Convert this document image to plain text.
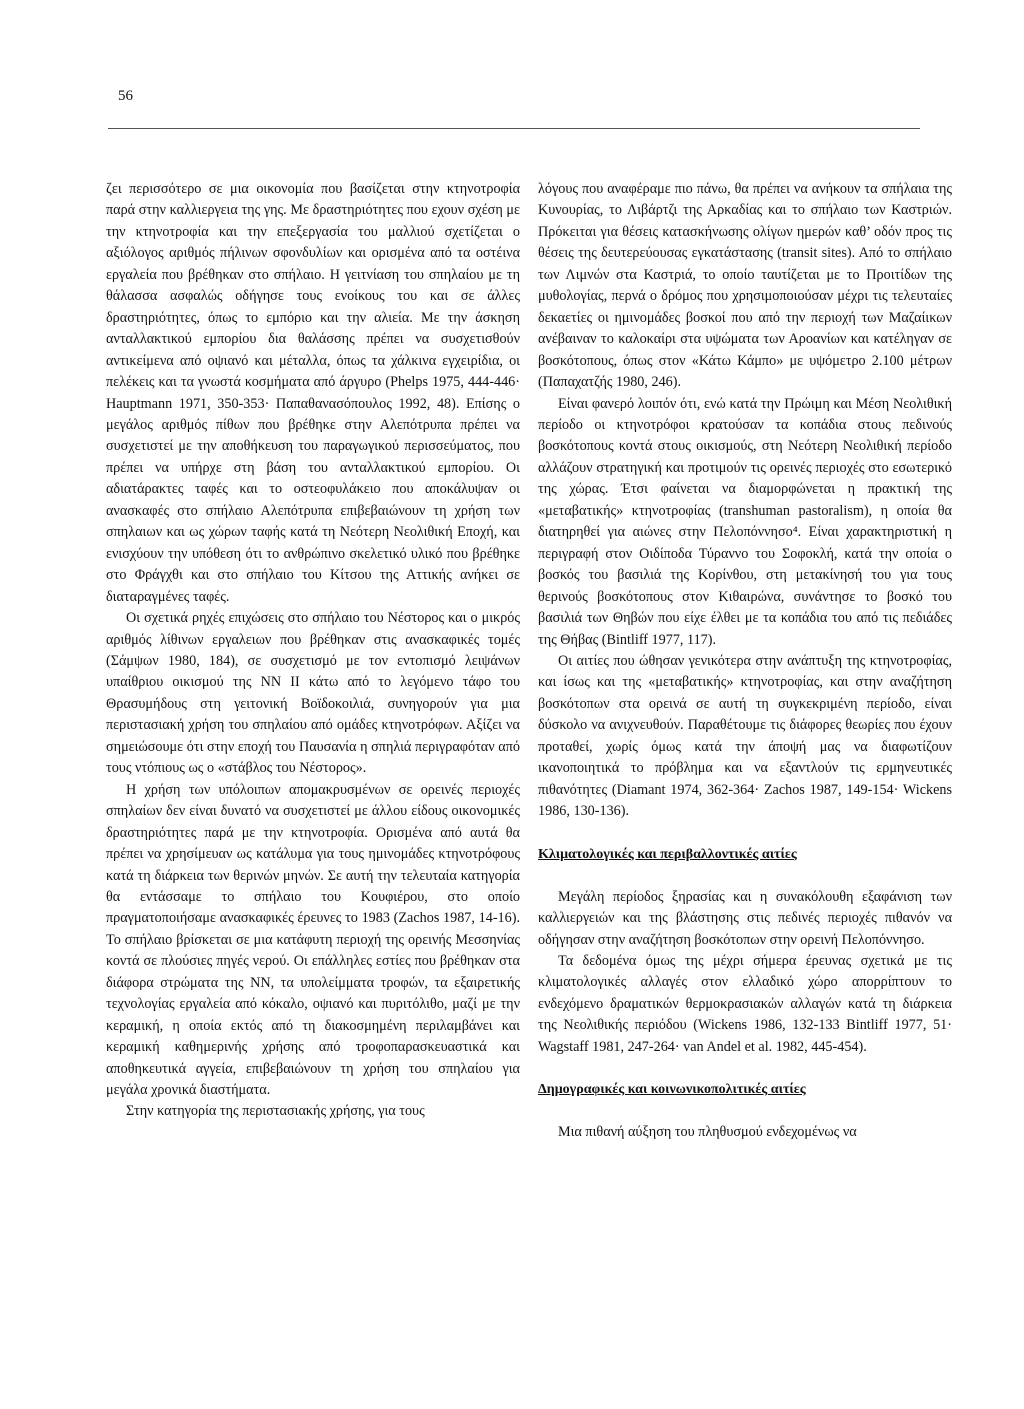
56

ζει περισσότερο σε μια οικονομία που βασίζεται στην κτηνοτροφία παρά στην καλλιεργεια της γης. Με δραστηριότητες που εχουν σχέση με την κτηνοτροφία και την επεξεργασία του μαλλιού σχετίζεται ο αξιόλογος αριθμός πήλινων σφονδυλίων και ορισμένα από τα οστέινα εργαλεία που βρέθηκαν στο σπήλαιο. Η γειτνίαση του σπηλαίου με τη θάλασσα ασφαλώς οδήγησε τους ενοίκους του και σε άλλες δραστηριότητες, όπως το εμπόριο και την αλιεία. Με την άσκηση ανταλλακτικού εμπορίου δια θαλάσσης πρέπει να συσχετισθούν αντικείμενα από οψιανό και μέταλλα, όπως τα χάλκινα εγχειρίδια, οι πελέκεις και τα γνωστά κοσμήματα από άργυρο (Phelps 1975, 444-446· Hauptmann 1971, 350-353· Παπαθανασόπουλος 1992, 48). Επίσης ο μεγάλος αριθμός πίθων που βρέθηκε στην Αλεπότρυπα πρέπει να συσχετιστεί με την αποθήκευση του παραγωγικού περισσεύματος, που πρέπει να υπήρχε στη βάση του ανταλλακτικού εμπορίου. Οι αδιατάρακτες ταφές και το οστεοφυλάκειο που αποκάλυψαν οι ανασκαφές στο σπήλαιο Αλεπότρυπα επιβεβαιώνουν τη χρήση των σπηλαιων και ως χώρων ταφής κατά τη Νεότερη Νεολιθική Εποχή, και ενισχύουν την υπόθεση ότι το ανθρώπινο σκελετικό υλικό που βρέθηκε στο Φράγχθι και στο σπήλαιο του Κίτσου της Αττικής ανήκει σε διαταραγμένες ταφές.

Οι σχετικά ρηχές επιχώσεις στο σπήλαιο του Νέστορος και ο μικρός αριθμός λίθινων εργαλειων που βρέθηκαν στις ανασκαφικές τομές (Σάμψων 1980, 184), σε συσχετισμό με τον εντοπισμό λειψάνων υπαίθριου οικισμού της ΝΝ ΙΙ κάτω από το λεγόμενο τάφο του Θρασυμήδους στη γειτονική Βοϊδοκοιλιά, συνηγορούν για μια περιστασιακή χρήση του σπηλαίου από ομάδες κτηνοτρόφων. Αξίζει να σημειώσουμε ότι στην εποχή του Παυσανία η σπηλιά περιγραφόταν από τους ντόπιους ως ο «στάβλος του Νέστορος».

Η χρήση των υπόλοιπων απομακρυσμένων σε ορεινές περιοχές σπηλαίων δεν είναι δυνατό να συσχετιστεί με άλλου είδους οικονομικές δραστηριότητες παρά με την κτηνοτροφία. Ορισμένα από αυτά θα πρέπει να χρησίμευαν ως κατάλυμα για τους ημινομάδες κτηνοτρόφους κατά τη διάρκεια των θερινών μηνών. Σε αυτή την τελευταία κατηγορία θα εντάσσαμε το σπήλαιο του Κουφιέρου, στο οποίο πραγματοποιήσαμε ανασκαφικές έρευνες το 1983 (Zachos 1987, 14-16). Το σπήλαιο βρίσκεται σε μια κατάφυτη περιοχή της ορεινής Μεσσηνίας κοντά σε πλούσιες πηγές νερού. Οι επάλληλες εστίες που βρέθηκαν στα διάφορα στρώματα της ΝΝ, τα υπολείμματα τροφών, τα εξαιρετικής τεχνολογίας εργαλεία από κόκαλο, οψιανό και πυριτόλιθο, μαζί με την κεραμική, η οποία εκτός από τη διακοσμημένη περιλαμβάνει και κεραμική καθημερινής χρήσης από τροφοπαρασκευαστικά και αποθηκευτικά αγγεία, επιβεβαιώνουν τη χρήση του σπηλαίου για μεγάλα χρονικά διαστήματα.

Στην κατηγορία της περιστασιακής χρήσης, για τους

λόγους που αναφέραμε πιο πάνω, θα πρέπει να ανήκουν τα σπήλαια της Κυνουρίας, το Λιβάρτζι της Αρκαδίας και το σπήλαιο των Καστριών. Πρόκειται για θέσεις κατασκήνωσης ολίγων ημερών καθ’ οδόν προς τις θέσεις της δευτερεύουσας εγκατάστασης (transit sites). Από το σπήλαιο των Λιμνών στα Καστριά, το οποίο ταυτίζεται με το Προιτίδων της μυθολογίας, περνά ο δρόμος που χρησιμοποιούσαν μέχρι τις τελευταίες δεκαετίες οι ημινομάδες βοσκοί που από την περιοχή των Μαζαίικων ανέβαιναν το καλοκαίρι στα υψώματα των Αροανίων και κατέληγαν σε βοσκότοπους, όπως στον «Κάτω Κάμπο» με υψόμετρο 2.100 μέτρων (Παπαχατζής 1980, 246).

Είναι φανερό λοιπόν ότι, ενώ κατά την Πρώιμη και Μέση Νεολιθική περίοδο οι κτηνοτρόφοι κρατούσαν τα κοπάδια στους πεδινούς βοσκότοπους κοντά στους οικισμούς, στη Νεότερη Νεολιθική περίοδο αλλάζουν στρατηγική και προτιμούν τις ορεινές περιοχές στο εσωτερικό της χώρας. Έτσι φαίνεται να διαμορφώνεται η πρακτική της «μεταβατικής» κτηνοτροφίας (transhuman pastoralism), η οποία θα διατηρηθεί για αιώνες στην Πελοπόννησο⁴. Είναι χαρακτηριστική η περιγραφή στον Οιδίποδα Τύραννο του Σοφοκλή, κατά την οποία ο βοσκός του βασιλιά της Κορίνθου, στη μετακίνησή του για τους θερινούς βοσκότοπους στον Κιθαιρώνα, συνάντησε το βοσκό του βασιλιά των Θηβών που είχε έλθει με τα κοπάδια του από τις πεδιάδες της Θήβας (Bintliff 1977, 117).

Οι αιτίες που ώθησαν γενικότερα στην ανάπτυξη της κτηνοτροφίας, και ίσως και της «μεταβατικής» κτηνοτροφίας, και στην αναζήτηση βοσκότοπων στα ορεινά σε αυτή τη συγκεκριμένη περίοδο, είναι δύσκολο να ανιχνευθούν. Παραθέτουμε τις διάφορες θεωρίες που έχουν προταθεί, χωρίς όμως κατά την άποψή μας να διαφωτίζουν ικανοποιητικά το πρόβλημα και να εξαντλούν τις ερμηνευτικές πιθανότητες (Diamant 1974, 362-364· Zachos 1987, 149-154· Wickens 1986, 130-136).

Κλιματολογικές και περιβαλλοντικές αιτίες

Μεγάλη περίοδος ξηρασίας και η συνακόλουθη εξαφάνιση των καλλιεργειών και της βλάστησης στις πεδινές περιοχές πιθανόν να οδήγησαν στην αναζήτηση βοσκότοπων στην ορεινή Πελοπόννησο.

Τα δεδομένα όμως της μέχρι σήμερα έρευνας σχετικά με τις κλιματολογικές αλλαγές στον ελλαδικό χώρο απορρίπτουν το ενδεχόμενο δραματικών θερμοκρασιακών αλλαγών κατά τη διάρκεια της Νεολιθικής περιόδου (Wickens 1986, 132-133 Bintliff 1977, 51· Wagstaff 1981, 247-264· van Andel et al. 1982, 445-454).

Δημογραφικές και κοινωνικοπολιτικές αιτίες

Μια πιθανή αύξηση του πληθυσμού ενδεχομένως να
